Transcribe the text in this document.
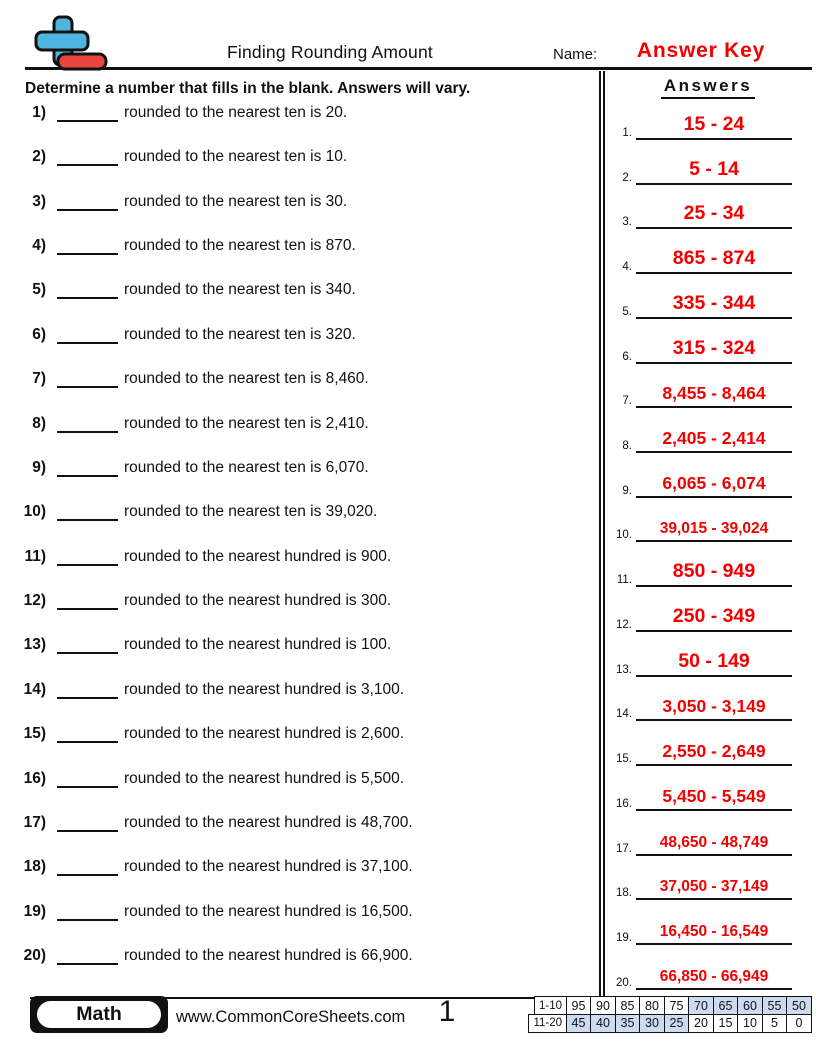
Finding Rounding Amount	Name:	Answer Key
Determine a number that fills in the blank. Answers will vary.	Answers
1)	rounded to the nearest ten is 20.
2)	rounded to the nearest ten is 10.
3)	rounded to the nearest ten is 30.
4)	rounded to the nearest ten is 870.
5)	rounded to the nearest ten is 340.
6)	rounded to the nearest ten is 320.
7)	rounded to the nearest ten is 8,460.
8)	rounded to the nearest ten is 2,410.
9)	rounded to the nearest ten is 6,070.
10)	rounded to the nearest ten is 39,020.
11)	rounded to the nearest hundred is 900.
12)	rounded to the nearest hundred is 300.
13)	rounded to the nearest hundred is 100.
14)	rounded to the nearest hundred is 3,100.
15)	rounded to the nearest hundred is 2,600.
16)	rounded to the nearest hundred is 5,500.
17)	rounded to the nearest hundred is 48,700.
18)	rounded to the nearest hundred is 37,100.
19)	rounded to the nearest hundred is 16,500.
20)	rounded to the nearest hundred is 66,900.
1.	15 - 24
2.	5 - 14
3.	25 - 34
4.	865 - 874
5.	335 - 344
6.	315 - 324
7.	8,455 - 8,464
8.	2,405 - 2,414
9.	6,065 - 6,074
10.	39,015 - 39,024
11.	850 - 949
12.	250 - 349
13.	50 - 149
14.	3,050 - 3,149
15.	2,550 - 2,649
16.	5,450 - 5,549
17.	48,650 - 48,749
18.	37,050 - 37,149
19.	16,450 - 16,549
20.	66,850 - 66,949
Math	www.CommonCoreSheets.com	1	1-10 95 90 85 80 75 70 65 60 55 50
11-20 45 40 35 30 25 20 15 10	5	0
